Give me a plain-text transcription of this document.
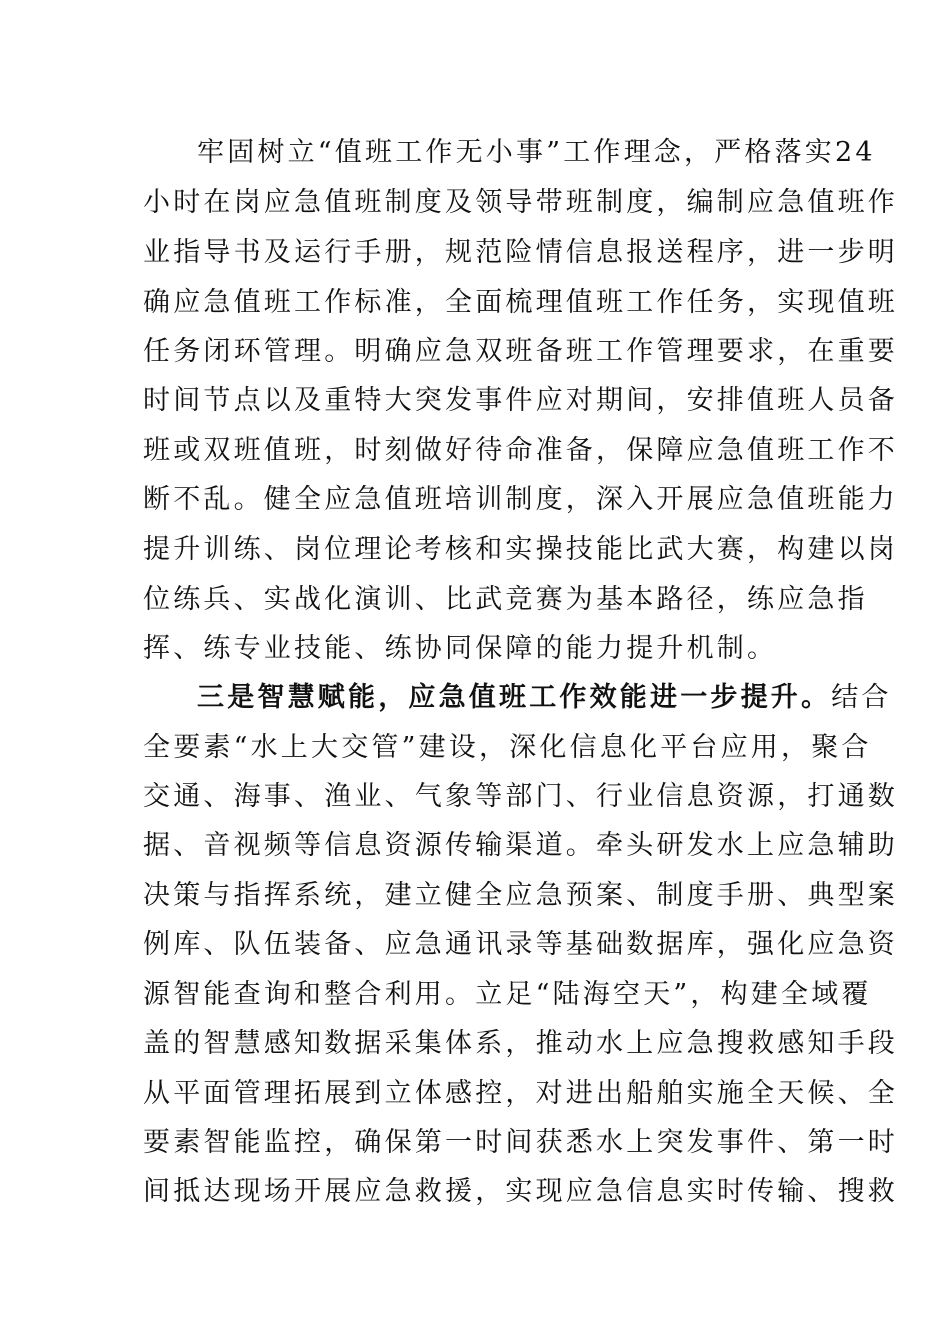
牢固树立“值班工作无小事”工作理念，严格落实24
小时在岗应急值班制度及领导带班制度，编制应急值班作
业指导书及运行手册，规范险情信息报送程序，进一步明
确应急值班工作标准，全面梳理值班工作任务，实现值班
任务闭环管理。明确应急双班备班工作管理要求，在重要
时间节点以及重特大突发事件应对期间，安排值班人员备
班或双班值班，时刻做好待命准备，保障应急值班工作不
断不乱。健全应急值班培训制度，深入开展应急值班能力
提升训练、岗位理论考核和实操技能比武大赛，构建以岗
位练兵、实战化演训、比武竞赛为基本路径，练应急指
挥、练专业技能、练协同保障的能力提升机制。
三是智慧赋能，应急值班工作效能进一步提升。结合
全要素“水上大交管”建设，深化信息化平台应用，聚合
交通、海事、渔业、气象等部门、行业信息资源，打通数
据、音视频等信息资源传输渠道。牵头研发水上应急辅助
决策与指挥系统，建立健全应急预案、制度手册、典型案
例库、队伍装备、应急通讯录等基础数据库，强化应急资
源智能查询和整合利用。立足“陆海空天”，构建全域覆
盖的智慧感知数据采集体系，推动水上应急搜救感知手段
从平面管理拓展到立体感控，对进出船舶实施全天候、全
要素智能监控，确保第一时间获悉水上突发事件、第一时
间抵达现场开展应急救援，实现应急信息实时传输、搜救
